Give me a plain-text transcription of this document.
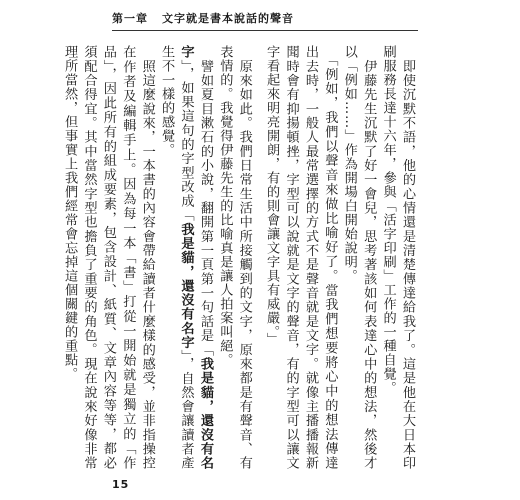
第一章 文字就是書本說話的聲音

　即使沉默不語，他的心情還是清楚傳達給我了。這是他在大日本印刷服務長達十六年，參與「活字印刷」工作的一種自覺。

　伊藤先生沉默了好一會兒，思考著該如何表達心中的想法，然後才以「例如……」作為開場白開始說明。

　「例如，我們以聲音來做比喻好了。當我們想要將心中的想法傳達出去時，一般人最常選擇的方式不是聲音就是文字。就像主播播報新聞時會有抑揚頓挫，字型可以說就是文字的聲音，有的字型可以讓文字看起來明亮開朗，有的則會讓文字具有威嚴。」

　原來如此。我們日常生活中所接觸到的文字，原來都是有聲音、有表情的。我覺得伊藤先生的比喻真是讓人拍案叫絕。

　譬如夏目漱石的小說，翻開第一頁第一句話是「我是貓，還沒有名字」，如果這句的字型改成「我是貓，還沒有名字」，自然會讓讀者產生不一樣的感覺。

　照這麼說來，一本書的內容會帶給讀者什麼樣的感受，並非指操控在作者及編輯手上。因為每一本「書」打從一開始就是獨立的「作品」，因此所有的組成要素，包含設計、紙質、文章內容等等，都必須配合得宜。其中當然字型也擔負了重要的角色。現在說來好像非常理所當然，但事實上我們經常會忘掉這個關鍵的重點。

15
